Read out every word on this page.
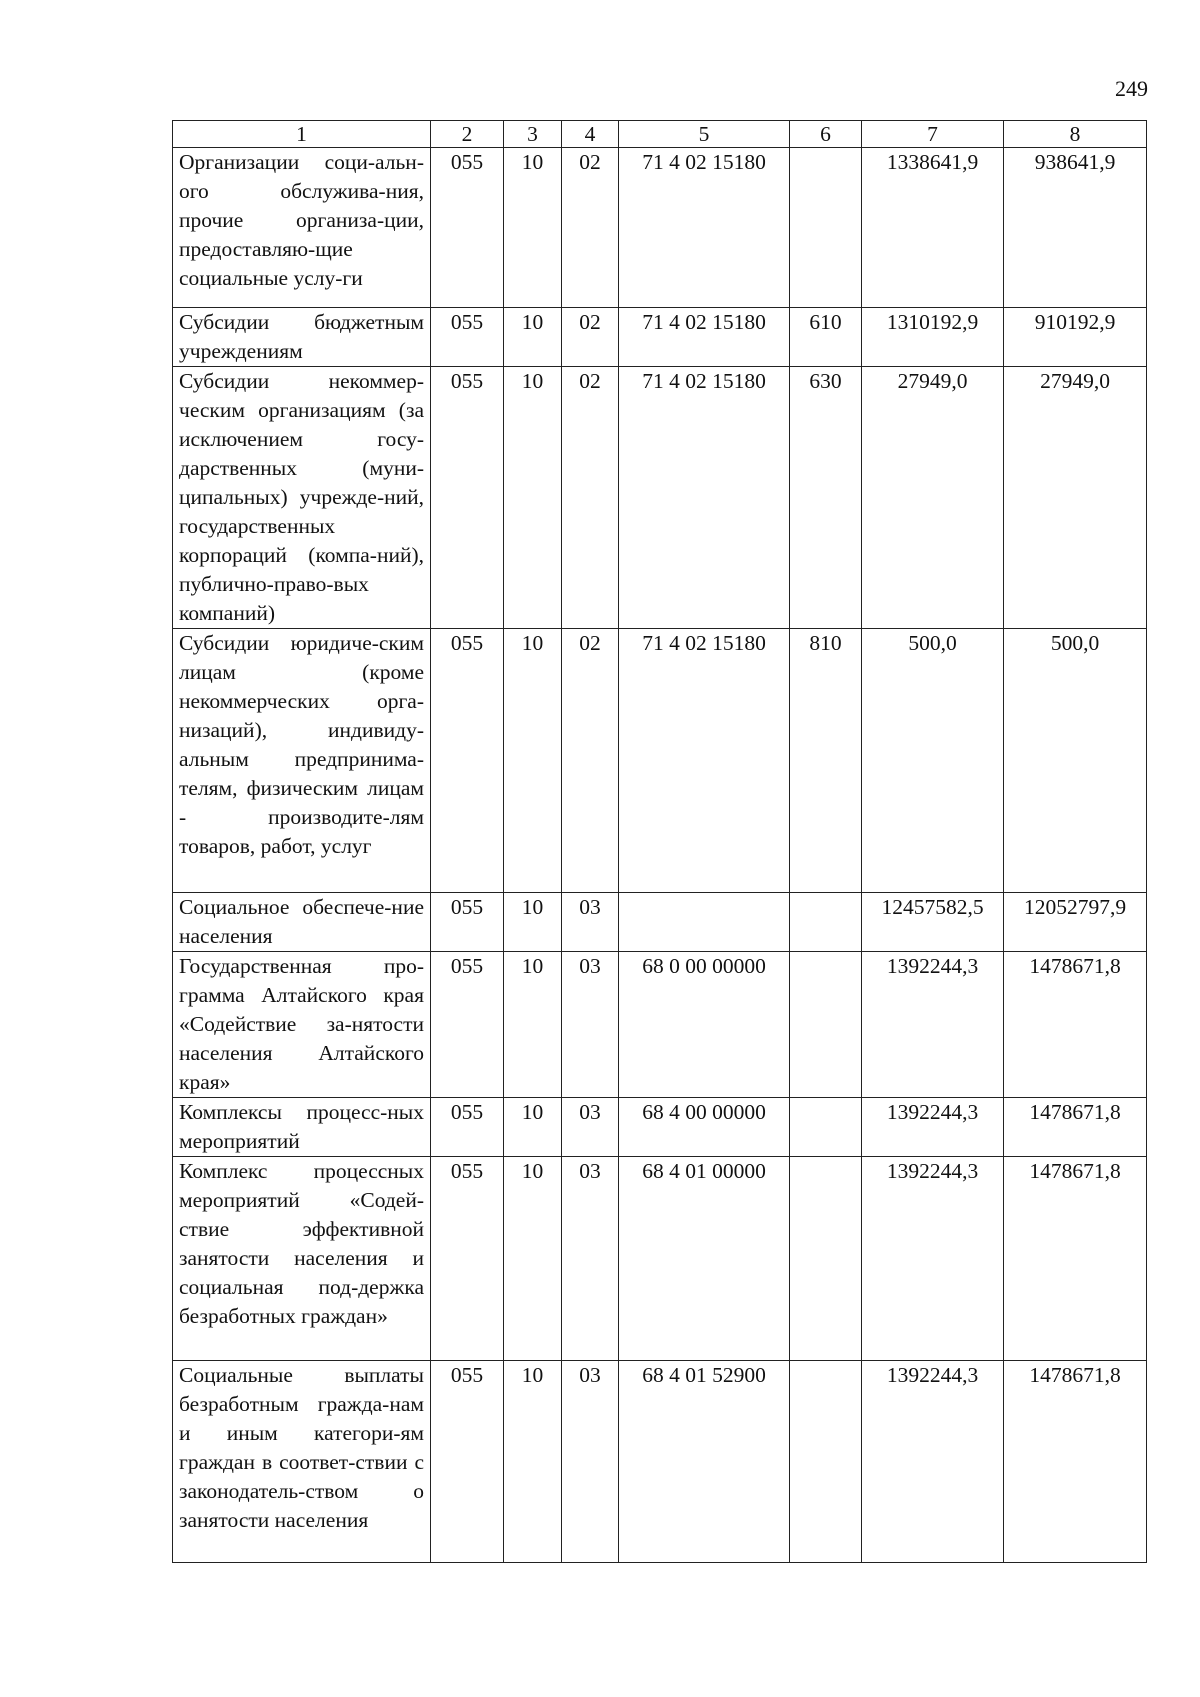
249
1	2	3	4	5	6	7	8
Организации соци-ального обслужива-ния, прочие организа-ции, предоставляю-щие социальные услу-ги	055	10	02	71 4 02 15180		1338641,9	938641,9
Субсидии бюджетным учреждениям	055	10	02	71 4 02 15180	610	1310192,9	910192,9
Субсидии некоммер-ческим организациям (за исключением госу-дарственных (муни-ципальных) учрежде-ний, государственных корпораций (компа-ний), публично-право-вых компаний)	055	10	02	71 4 02 15180	630	27949,0	27949,0
Субсидии юридиче-ским лицам (кроме некоммерческих орга-низаций), индивиду-альным предпринима-телям, физическим лицам - производите-лям товаров, работ, услуг	055	10	02	71 4 02 15180	810	500,0	500,0
Социальное обеспече-ние населения	055	10	03			12457582,5	12052797,9
Государственная про-грамма Алтайского края «Содействие за-нятости населения Алтайского края»	055	10	03	68 0 00 00000		1392244,3	1478671,8
Комплексы процесс-ных мероприятий	055	10	03	68 4 00 00000		1392244,3	1478671,8
Комплекс процессных мероприятий «Содей-ствие эффективной занятости населения и социальная под-держка безработных граждан»	055	10	03	68 4 01 00000		1392244,3	1478671,8
Социальные выплаты безработным гражда-нам и иным категори-ям граждан в соответ-ствии с законодатель-ством о занятости населения	055	10	03	68 4 01 52900		1392244,3	1478671,8
